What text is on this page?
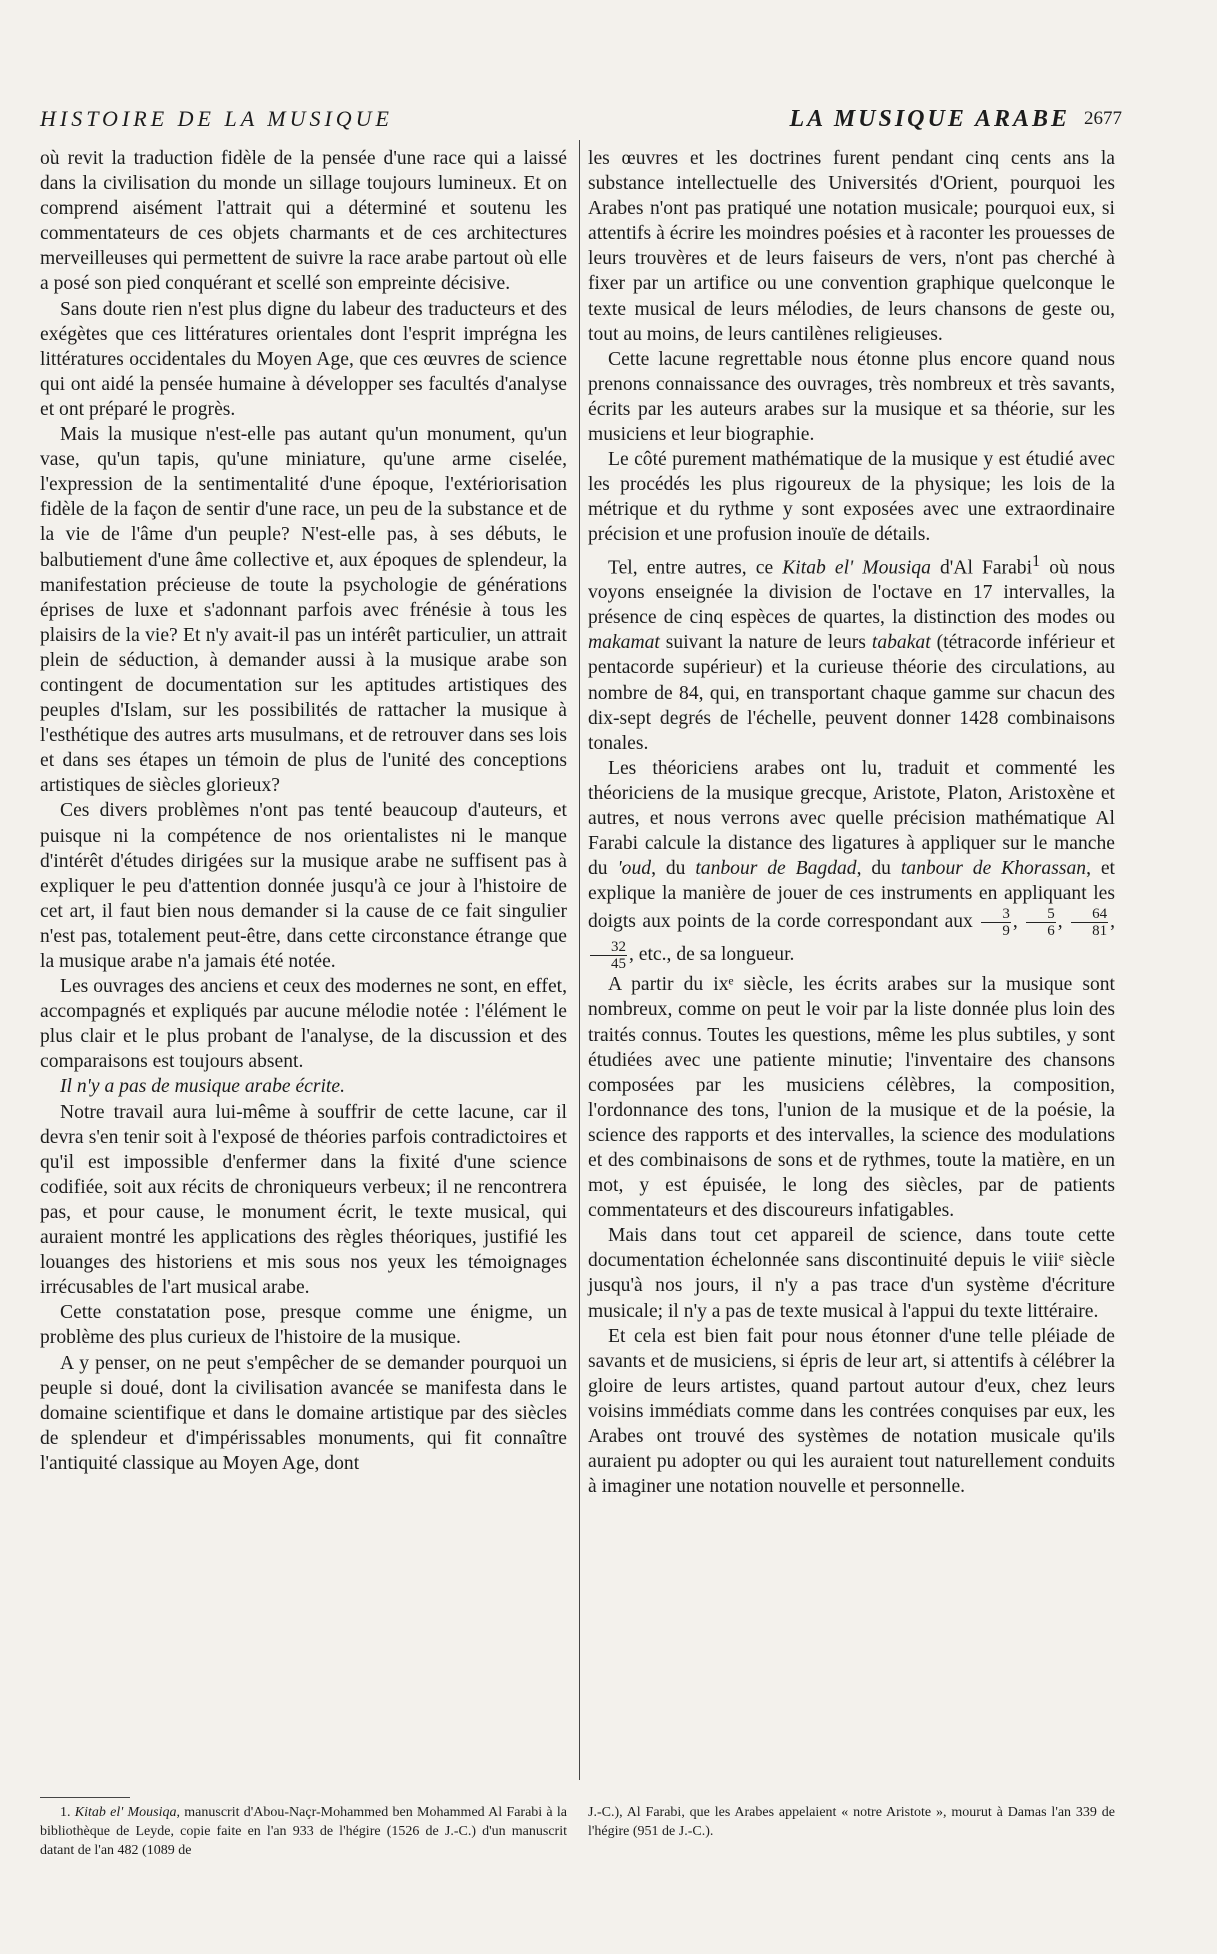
HISTOIRE DE LA MUSIQUE	LA MUSIQUE ARABE 2677

où revit la traduction fidèle de la pensée d'une race qui a laissé dans la civilisation du monde un sillage toujours lumineux. Et on comprend aisément l'attrait qui a déterminé et soutenu les commentateurs de ces objets charmants et de ces architectures merveilleuses qui permettent de suivre la race arabe partout où elle a posé son pied conquérant et scellé son empreinte décisive.

Sans doute rien n'est plus digne du labeur des traducteurs et des exégètes que ces littératures orientales dont l'esprit imprégna les littératures occidentales du Moyen Age, que ces œuvres de science qui ont aidé la pensée humaine à développer ses facultés d'analyse et ont préparé le progrès.

Mais la musique n'est-elle pas autant qu'un monument, qu'un vase, qu'un tapis, qu'une miniature, qu'une arme ciselée, l'expression de la sentimentalité d'une époque, l'extériorisation fidèle de la façon de sentir d'une race, un peu de la substance et de la vie de l'âme d'un peuple? N'est-elle pas, à ses débuts, le balbutiement d'une âme collective et, aux époques de splendeur, la manifestation précieuse de toute la psychologie de générations éprises de luxe et s'adonnant parfois avec frénésie à tous les plaisirs de la vie? Et n'y avait-il pas un intérêt particulier, un attrait plein de séduction, à demander aussi à la musique arabe son contingent de documentation sur les aptitudes artistiques des peuples d'Islam, sur les possibilités de rattacher la musique à l'esthétique des autres arts musulmans, et de retrouver dans ses lois et dans ses étapes un témoin de plus de l'unité des conceptions artistiques de siècles glorieux?

Ces divers problèmes n'ont pas tenté beaucoup d'auteurs, et puisque ni la compétence de nos orientalistes ni le manque d'intérêt d'études dirigées sur la musique arabe ne suffisent pas à expliquer le peu d'attention donnée jusqu'à ce jour à l'histoire de cet art, il faut bien nous demander si la cause de ce fait singulier n'est pas, totalement peut-être, dans cette circonstance étrange que la musique arabe n'a jamais été notée.

Les ouvrages des anciens et ceux des modernes ne sont, en effet, accompagnés et expliqués par aucune mélodie notée : l'élément le plus clair et le plus probant de l'analyse, de la discussion et des comparaisons est toujours absent.

Il n'y a pas de musique arabe écrite.

Notre travail aura lui-même à souffrir de cette lacune, car il devra s'en tenir soit à l'exposé de théories parfois contradictoires et qu'il est impossible d'enfermer dans la fixité d'une science codifiée, soit aux récits de chroniqueurs verbeux; il ne rencontrera pas, et pour cause, le monument écrit, le texte musical, qui auraient montré les applications des règles théoriques, justifié les louanges des historiens et mis sous nos yeux les témoignages irrécusables de l'art musical arabe.

Cette constatation pose, presque comme une énigme, un problème des plus curieux de l'histoire de la musique.

A y penser, on ne peut s'empêcher de se demander pourquoi un peuple si doué, dont la civilisation avancée se manifesta dans le domaine scientifique et dans le domaine artistique par des siècles de splendeur et d'impérissables monuments, qui fit connaître l'antiquité classique au Moyen Age, dont

les œuvres et les doctrines furent pendant cinq cents ans la substance intellectuelle des Universités d'Orient, pourquoi les Arabes n'ont pas pratiqué une notation musicale; pourquoi eux, si attentifs à écrire les moindres poésies et à raconter les prouesses de leurs trouvères et de leurs faiseurs de vers, n'ont pas cherché à fixer par un artifice ou une convention graphique quelconque le texte musical de leurs mélodies, de leurs chansons de geste ou, tout au moins, de leurs cantilènes religieuses.

Cette lacune regrettable nous étonne plus encore quand nous prenons connaissance des ouvrages, très nombreux et très savants, écrits par les auteurs arabes sur la musique et sa théorie, sur les musiciens et leur biographie.

Le côté purement mathématique de la musique y est étudié avec les procédés les plus rigoureux de la physique; les lois de la métrique et du rythme y sont exposées avec une extraordinaire précision et une profusion inouïe de détails.

Tel, entre autres, ce Kitab el' Mousiqa d'Al Farabi$^1$ où nous voyons enseignée la division de l'octave en 17 intervalles, la présence de cinq espèces de quartes, la distinction des modes ou makamat suivant la nature de leurs tabakat (tétracorde inférieur et pentacorde supérieur) et la curieuse théorie des circulations, au nombre de 84, qui, en transportant chaque gamme sur chacun des dix-sept degrés de l'échelle, peuvent donner 1428 combinaisons tonales.

Les théoriciens arabes ont lu, traduit et commenté les théoriciens de la musique grecque, Aristote, Platon, Aristoxène et autres, et nous verrons avec quelle précision mathématique Al Farabi calcule la distance des ligatures à appliquer sur le manche du 'oud, du tanbour de Bagdad, du tanbour de Khorassan, et explique la manière de jouer de ces instruments en appliquant les doigts aux points de la corde correspondant aux $\frac{3}{9}$ , $\frac{5}{6}$ , $\frac{64}{81}$ ,
$\frac{32}{45}$ , etc., de sa longueur.

A partir du ixᵉ siècle, les écrits arabes sur la musique sont nombreux, comme on peut le voir par la liste donnée plus loin des traités connus. Toutes les questions, même les plus subtiles, y sont étudiées avec une patiente minutie; l'inventaire des chansons composées par les musiciens célèbres, la composition, l'ordonnance des tons, l'union de la musique et de la poésie, la science des rapports et des intervalles, la science des modulations et des combinaisons de sons et de rythmes, toute la matière, en un mot, y est épuisée, le long des siècles, par de patients commentateurs et des discoureurs infatigables.

Mais dans tout cet appareil de science, dans toute cette documentation échelonnée sans discontinuité depuis le viiiᵉ siècle jusqu'à nos jours, il n'y a pas trace d'un système d'écriture musicale; il n'y a pas de texte musical à l'appui du texte littéraire.

Et cela est bien fait pour nous étonner d'une telle pléiade de savants et de musiciens, si épris de leur art, si attentifs à célébrer la gloire de leurs artistes, quand partout autour d'eux, chez leurs voisins immédiats comme dans les contrées conquises par eux, les Arabes ont trouvé des systèmes de notation musicale qu'ils auraient pu adopter ou qui les auraient tout naturellement conduits à imaginer une notation nouvelle et personnelle.

1. Kitab el' Mousiqa, manuscrit d'Abou-Naçr-Mohammed ben Mohammed Al Farabi à la bibliothèque de Leyde, copie faite en l'an 933 de l'hégire (1526 de J.-C.) d'un manuscrit datant de l'an 482 (1089 de

J.-C.), Al Farabi, que les Arabes appelaient « notre Aristote », mourut à Damas l'an 339 de l'hégire (951 de J.-C.).
